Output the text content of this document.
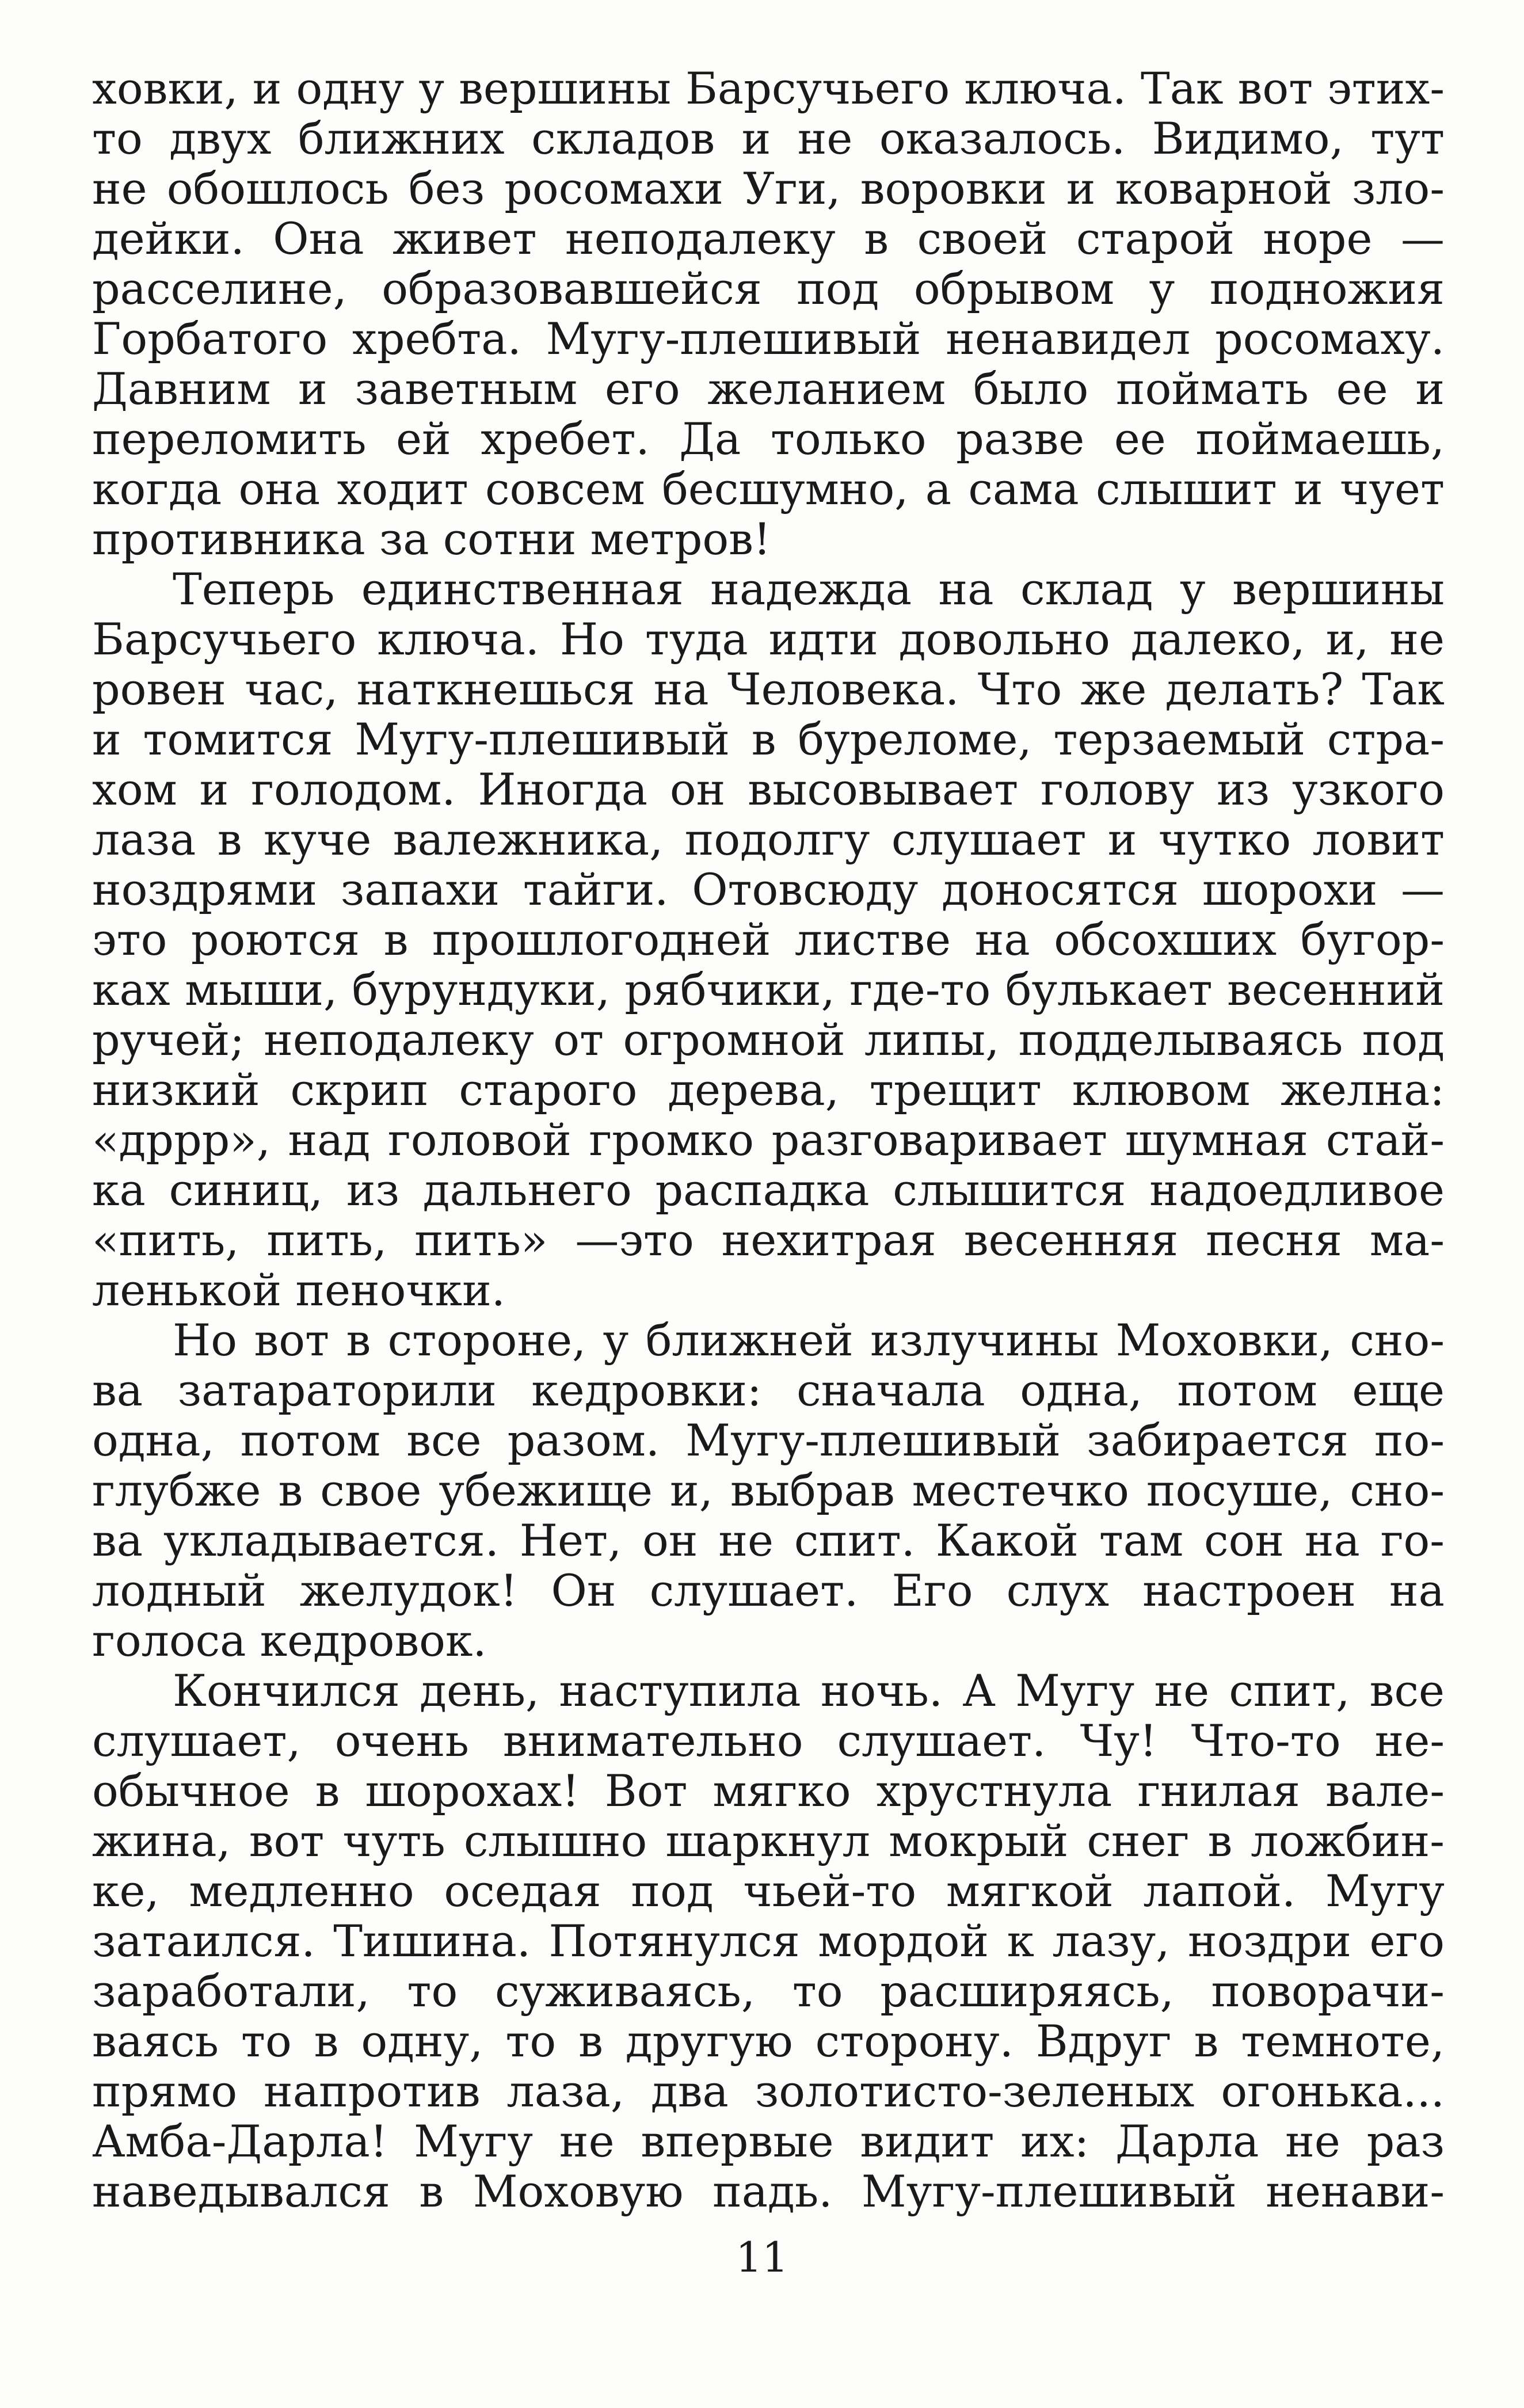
ховки, и одну у вершины Барсучьего ключа. Так вот этих-
то двух ближних складов и не оказалось. Видимо, тут
не обошлось без росомахи Уги, воровки и коварной зло-
дейки. Она живет неподалеку в своей старой норе —
расселине, образовавшейся под обрывом у подножия
Горбатого хребта. Мугу-плешивый ненавидел росомаху.
Давним и заветным его желанием было поймать ее и
переломить ей хребет. Да только разве ее поймаешь,
когда она ходит совсем бесшумно, а сама слышит и чует
противника за сотни метров!
Теперь единственная надежда на склад у вершины
Барсучьего ключа. Но туда идти довольно далеко, и, не
ровен час, наткнешься на Человека. Что же делать? Так
и томится Мугу-плешивый в буреломе, терзаемый стра-
хом и голодом. Иногда он высовывает голову из узкого
лаза в куче валежника, подолгу слушает и чутко ловит
ноздрями запахи тайги. Отовсюду доносятся шорохи —
это роются в прошлогодней листве на обсохших бугор-
ках мыши, бурундуки, рябчики, где-то булькает весенний
ручей; неподалеку от огромной липы, подделываясь под
низкий скрип старого дерева, трещит клювом желна:
«дррр», над головой громко разговаривает шумная стай-
ка синиц, из дальнего распадка слышится надоедливое
«пить, пить, пить» —это нехитрая весенняя песня ма-
ленькой пеночки.
Но вот в стороне, у ближней излучины Моховки, сно-
ва затараторили кедровки: сначала одна, потом еще
одна, потом все разом. Мугу-плешивый забирается по-
глубже в свое убежище и, выбрав местечко посуше, сно-
ва укладывается. Нет, он не спит. Какой там сон на го-
лодный желудок! Он слушает. Его слух настроен на
голоса кедровок.
Кончился день, наступила ночь. А Мугу не спит, все
слушает, очень внимательно слушает. Чу! Что-то не-
обычное в шорохах! Вот мягко хрустнула гнилая вале-
жина, вот чуть слышно шаркнул мокрый снег в ложбин-
ке, медленно оседая под чьей-то мягкой лапой. Мугу
затаился. Тишина. Потянулся мордой к лазу, ноздри его
заработали, то суживаясь, то расширяясь, поворачи-
ваясь то в одну, то в другую сторону. Вдруг в темноте,
прямо напротив лаза, два золотисто-зеленых огонька...
Амба-Дарла! Мугу не впервые видит их: Дарла не раз
наведывался в Моховую падь. Мугу-плешивый ненави-
11
